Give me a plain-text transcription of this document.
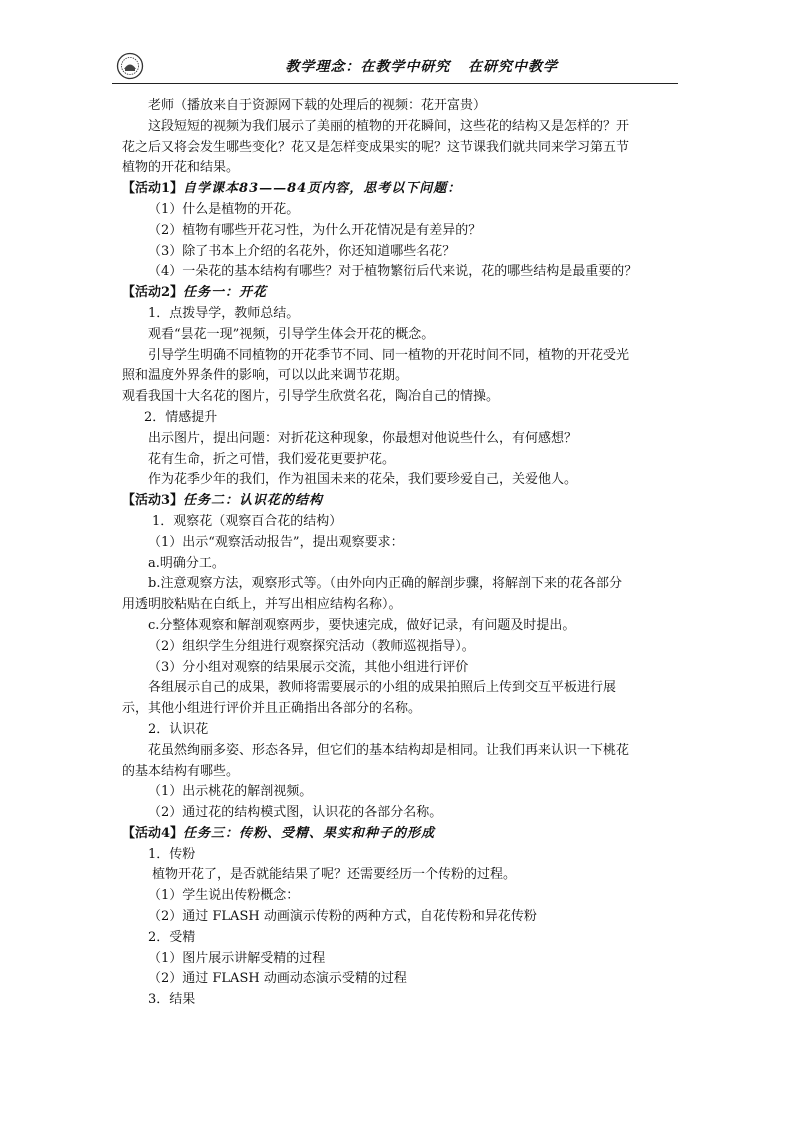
教学理念：在教学中研究   在研究中教学
老师（播放来自于资源网下载的处理后的视频：花开富贵）
这段短短的视频为我们展示了美丽的植物的开花瞬间，这些花的结构又是怎样的？开
花之后又将会发生哪些变化？花又是怎样变成果实的呢？这节课我们就共同来学习第五节
植物的开花和结果。
【活动1】自学课本83——84页内容，思考以下问题：
（1）什么是植物的开花。
（2）植物有哪些开花习性，为什么开花情况是有差异的？
（3）除了书本上介绍的名花外，你还知道哪些名花？
（4）一朵花的基本结构有哪些？对于植物繁衍后代来说，花的哪些结构是最重要的？
【活动2】任务一：开花
1．点拨导学，教师总结。
观看“昙花一现”视频，引导学生体会开花的概念。
引导学生明确不同植物的开花季节不同、同一植物的开花时间不同，植物的开花受光
照和温度外界条件的影响，可以以此来调节花期。
观看我国十大名花的图片，引导学生欣赏名花，陶冶自己的情操。
2．情感提升
出示图片，提出问题：对折花这种现象，你最想对他说些什么，有何感想？
花有生命，折之可惜，我们爱花更要护花。
作为花季少年的我们，作为祖国未来的花朵，我们要珍爱自己，关爱他人。
【活动3】任务二：认识花的结构
1．观察花（观察百合花的结构）
（1）出示“观察活动报告”，提出观察要求：
a.明确分工。
b.注意观察方法，观察形式等。（由外向内正确的解剖步骤，将解剖下来的花各部分
用透明胶粘贴在白纸上，并写出相应结构名称）。
c.分整体观察和解剖观察两步，要快速完成，做好记录，有问题及时提出。
（2）组织学生分组进行观察探究活动（教师巡视指导）。
（3）分小组对观察的结果展示交流，其他小组进行评价
各组展示自己的成果，教师将需要展示的小组的成果拍照后上传到交互平板进行展
示，其他小组进行评价并且正确指出各部分的名称。
2．认识花
花虽然绚丽多姿、形态各异，但它们的基本结构却是相同。让我们再来认识一下桃花
的基本结构有哪些。
（1）出示桃花的解剖视频。
（2）通过花的结构模式图，认识花的各部分名称。
【活动4】任务三：传粉、受精、果实和种子的形成
1．传粉
植物开花了，是否就能结果了呢？还需要经历一个传粉的过程。
（1）学生说出传粉概念：
（2）通过 FLASH 动画演示传粉的两种方式，自花传粉和异花传粉
2．受精
（1）图片展示讲解受精的过程
（2）通过 FLASH 动画动态演示受精的过程
3．结果
